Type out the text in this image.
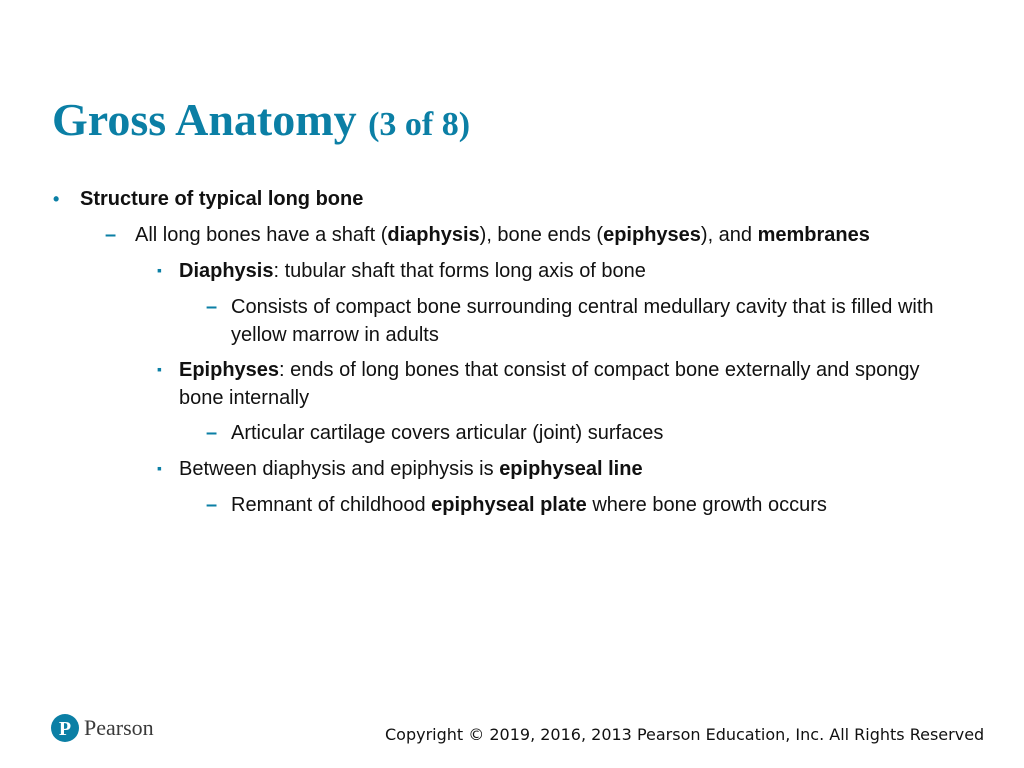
Gross Anatomy (3 of 8)
• Structure of typical long bone
– All long bones have a shaft (diaphysis), bone ends (epiphyses), and membranes
▪ Diaphysis: tubular shaft that forms long axis of bone
– Consists of compact bone surrounding central medullary cavity that is filled with yellow marrow in adults
▪ Epiphyses: ends of long bones that consist of compact bone externally and spongy bone internally
– Articular cartilage covers articular (joint) surfaces
▪ Between diaphysis and epiphysis is epiphyseal line
– Remnant of childhood epiphyseal plate where bone growth occurs
P Pearson	Copyright © 2019, 2016, 2013 Pearson Education, Inc. All Rights Reserved
